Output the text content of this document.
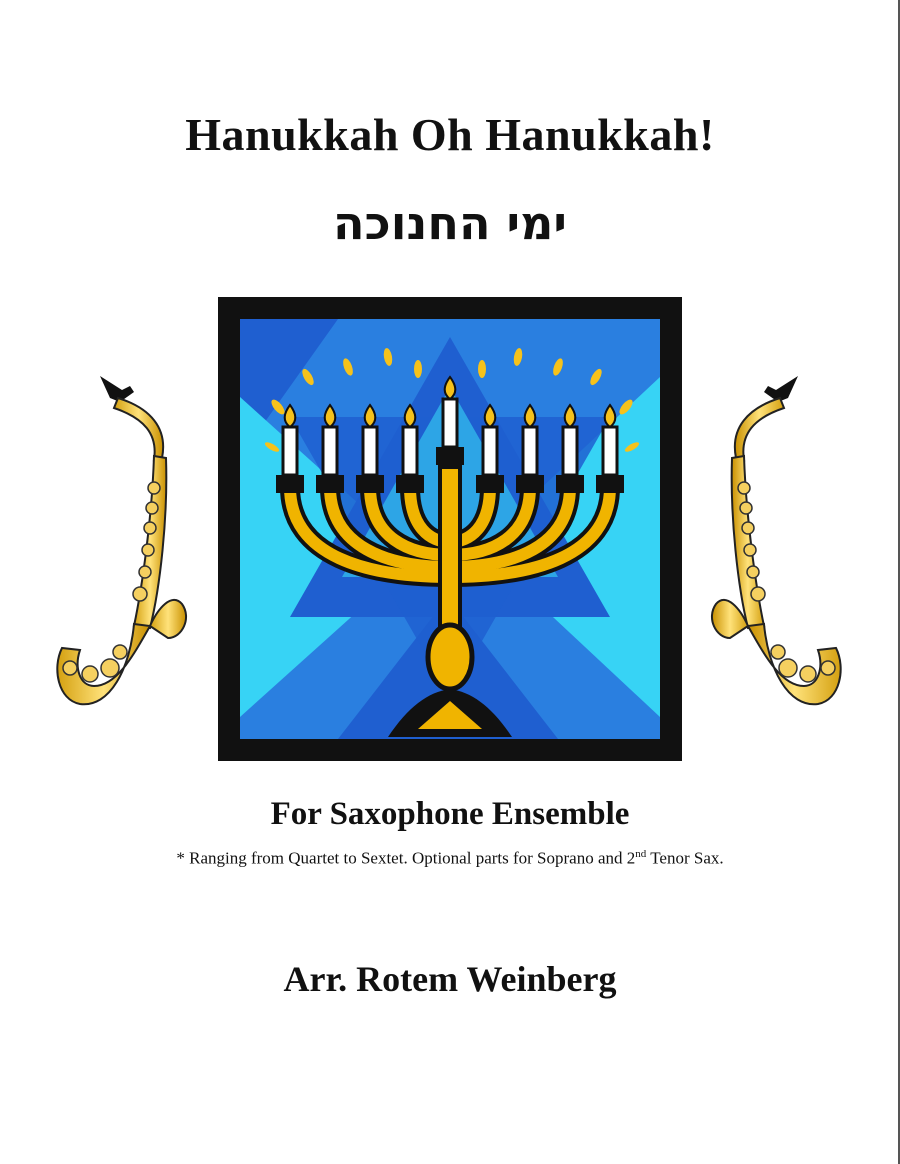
Hanukkah Oh Hanukkah!
ימי החנוכה
For Saxophone Ensemble
* Ranging from Quartet to Sextet. Optional parts for Soprano and 2nd Tenor Sax.
Arr. Rotem Weinberg
